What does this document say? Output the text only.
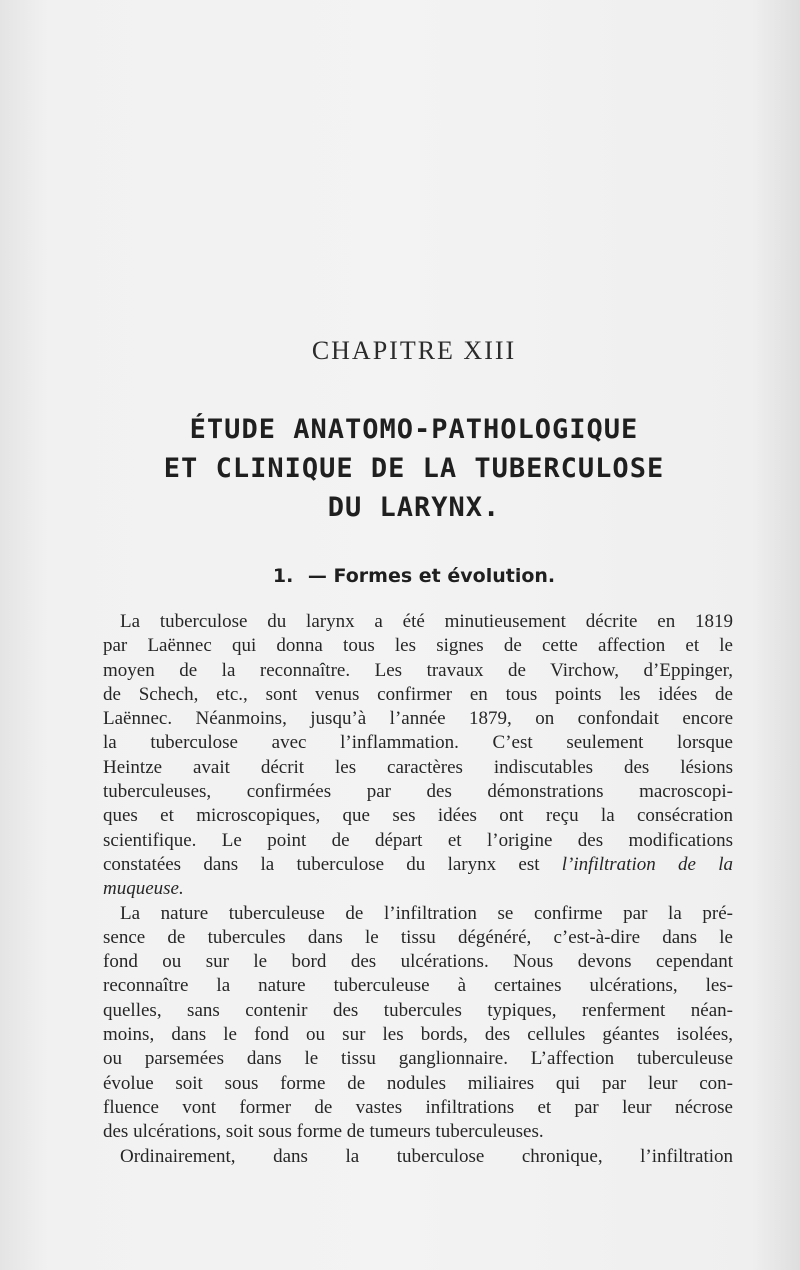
CHAPITRE XIII
ÉTUDE ANATOMO-PATHOLOGIQUE
ET CLINIQUE DE LA TUBERCULOSE
DU LARYNX.
1. — Formes et évolution.
La tuberculose du larynx a été minutieusement décrite en 1819
par Laënnec qui donna tous les signes de cette affection et le
moyen de la reconnaître. Les travaux de Virchow, d’Eppinger,
de Schech, etc., sont venus confirmer en tous points les idées de
Laënnec. Néanmoins, jusqu’à l’année 1879, on confondait encore
la tuberculose avec l’inflammation. C’est seulement lorsque
Heintze avait décrit les caractères indiscutables des lésions
tuberculeuses, confirmées par des démonstrations macroscopi-
ques et microscopiques, que ses idées ont reçu la consécration
scientifique. Le point de départ et l’origine des modifications
constatées dans la tuberculose du larynx est l’infiltration de la
muqueuse.
La nature tuberculeuse de l’infiltration se confirme par la pré-
sence de tubercules dans le tissu dégénéré, c’est-à-dire dans le
fond ou sur le bord des ulcérations. Nous devons cependant
reconnaître la nature tuberculeuse à certaines ulcérations, les-
quelles, sans contenir des tubercules typiques, renferment néan-
moins, dans le fond ou sur les bords, des cellules géantes isolées,
ou parsemées dans le tissu ganglionnaire. L’affection tuberculeuse
évolue soit sous forme de nodules miliaires qui par leur con-
fluence vont former de vastes infiltrations et par leur nécrose
des ulcérations, soit sous forme de tumeurs tuberculeuses.
Ordinairement, dans la tuberculose chronique, l’infiltration
